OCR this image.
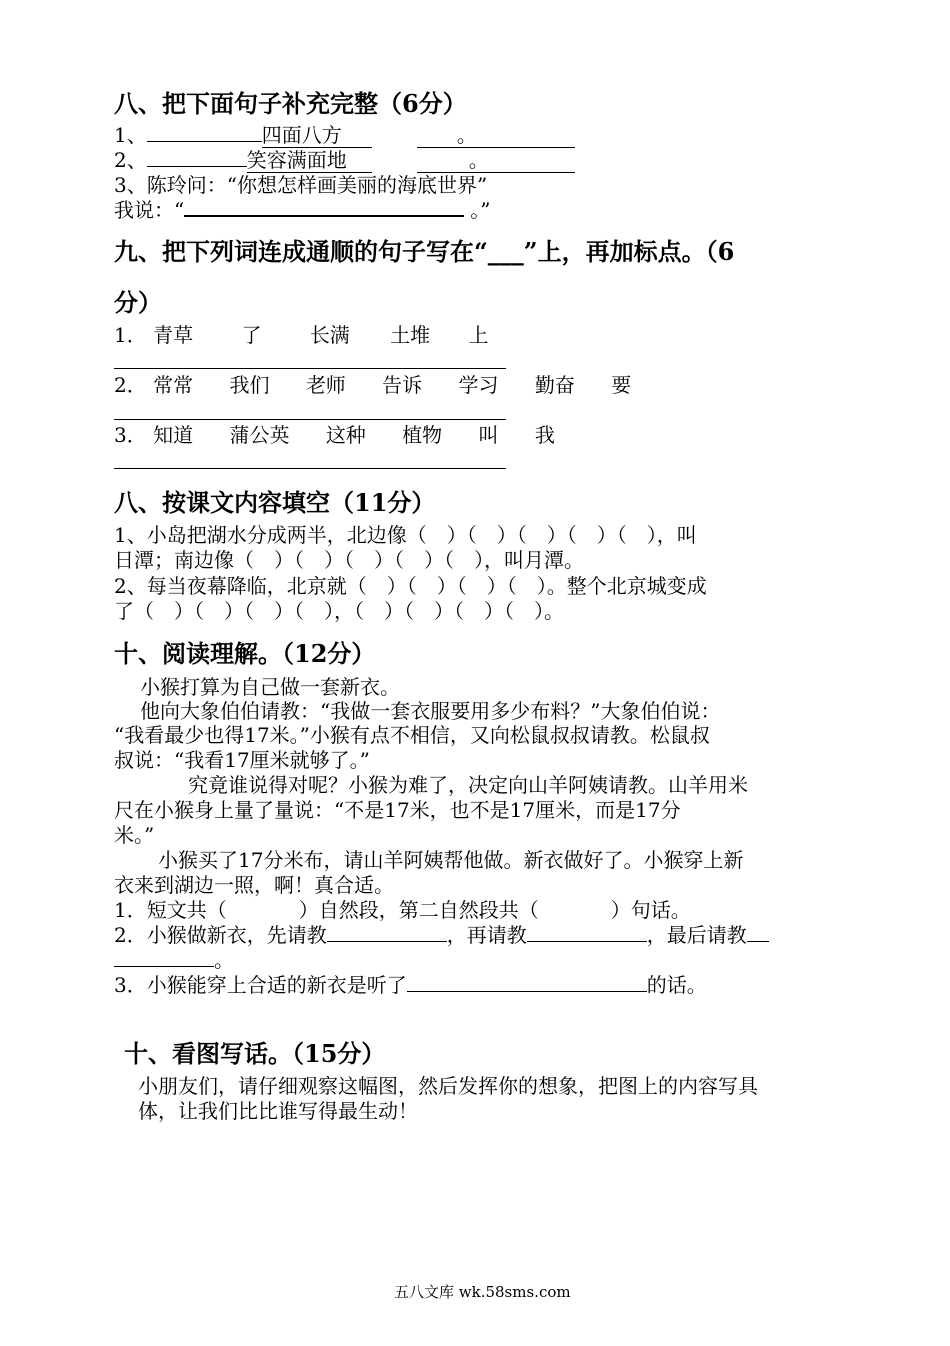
八、把下面句子补充完整（6分）
1、	四面八方	。
2、	笑容满面地	。
3、陈玲问：“你想怎样画美丽的海底世界”
我说：“	。”
九、把下列词连成通顺的句子写在“___”上，再加标点。（6
分）
1． 青草 了 长满 土堆 上
2． 常常 我们 老师 告诉 学习 勤奋 要
3． 知道 蒲公英 这种 植物 叫 我
八、按课文内容填空（11分）
1、小岛把湖水分成两半，北边像（　）（　）（　）（　）（　），叫
日潭；南边像（　）（　）（　）（　）（　），叫月潭。
2、每当夜幕降临，北京就（　）（　）（　）（　）。整个北京城变成
了（　）（　）（　）（　），（　）（　）（　）（　）。
十、阅读理解。（12分）
小猴打算为自己做一套新衣。
他向大象伯伯请教：“我做一套衣服要用多少布料？”大象伯伯说：
“我看最少也得17米。”小猴有点不相信，又向松鼠叔叔请教。松鼠叔
叔说：“我看17厘米就够了。”
究竟谁说得对呢？小猴为难了，决定向山羊阿姨请教。山羊用米
尺在小猴身上量了量说：“不是17米，也不是17厘米，而是17分
米。”
小猴买了17分米布，请山羊阿姨帮他做。新衣做好了。小猴穿上新
衣来到湖边一照，啊！真合适。
1．短文共（	）自然段，第二自然段共（	）句话。
2．小猴做新衣，先请教	，再请教	，最后请教
。
3．小猴能穿上合适的新衣是听了	的话。
十、看图写话。（15分）
小朋友们，请仔细观察这幅图，然后发挥你的想象，把图上的内容写具
体，让我们比比谁写得最生动！
五八文库 wk.58sms.com
